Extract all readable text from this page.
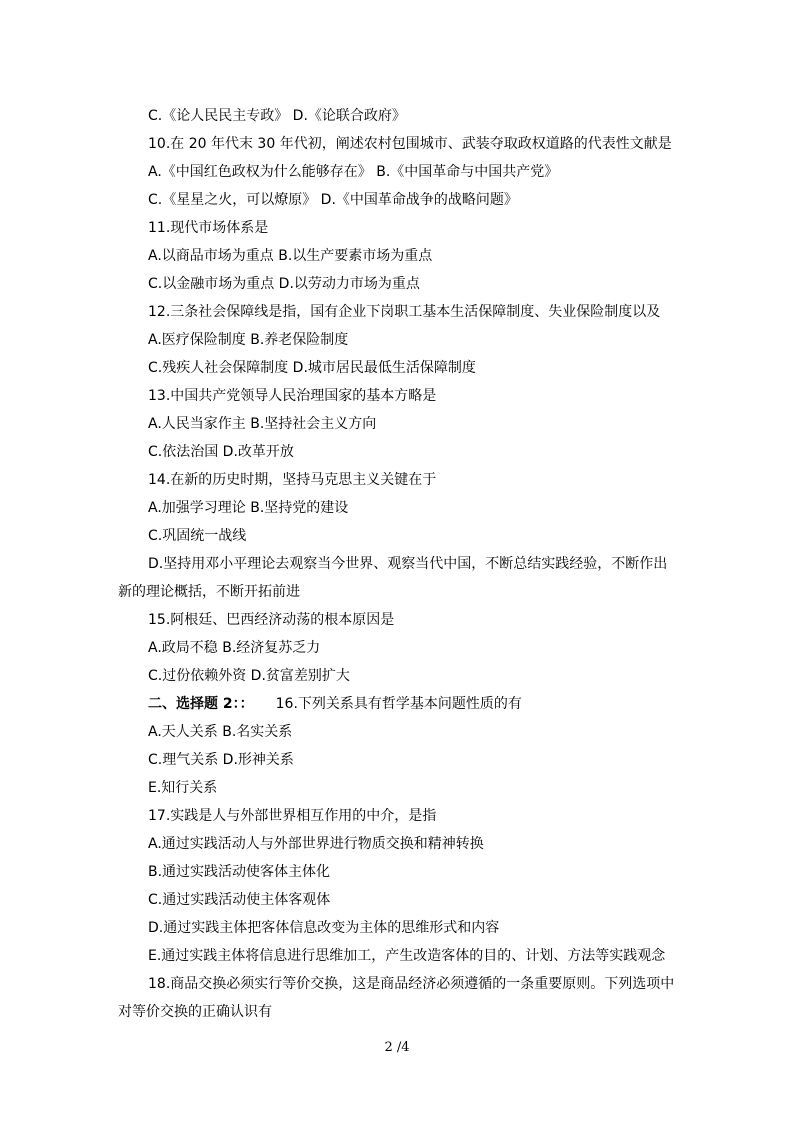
C.《论人民民主专政》 D.《论联合政府》
10.在 20 年代末 30 年代初，阐述农村包围城市、武装夺取政权道路的代表性文献是
A.《中国红色政权为什么能够存在》 B.《中国革命与中国共产党》
C.《星星之火，可以燎原》 D.《中国革命战争的战略问题》
11.现代市场体系是
A.以商品市场为重点 B.以生产要素市场为重点
C.以金融市场为重点 D.以劳动力市场为重点
12.三条社会保障线是指，国有企业下岗职工基本生活保障制度、失业保险制度以及
A.医疗保险制度 B.养老保险制度
C.残疾人社会保障制度 D.城市居民最低生活保障制度
13.中国共产党领导人民治理国家的基本方略是
A.人民当家作主 B.坚持社会主义方向
C.依法治国 D.改革开放
14.在新的历史时期，坚持马克思主义关键在于
A.加强学习理论 B.坚持党的建设
C.巩固统一战线
D.坚持用邓小平理论去观察当今世界、观察当代中国，不断总结实践经验，不断作出
新的理论概括，不断开拓前进
15.阿根廷、巴西经济动荡的根本原因是
A.政局不稳 B.经济复苏乏力
C.过份依赖外资 D.贫富差别扩大
二、选择题 2：： 16.下列关系具有哲学基本问题性质的有
A.天人关系 B.名实关系
C.理气关系 D.形神关系
E.知行关系
17.实践是人与外部世界相互作用的中介，是指
A.通过实践活动人与外部世界进行物质交换和精神转换
B.通过实践活动使客体主体化
C.通过实践活动使主体客观体
D.通过实践主体把客体信息改变为主体的思维形式和内容
E.通过实践主体将信息进行思维加工，产生改造客体的目的、计划、方法等实践观念
18.商品交换必须实行等价交换，这是商品经济必须遵循的一条重要原则。下列选项中
对等价交换的正确认识有
2 /4
